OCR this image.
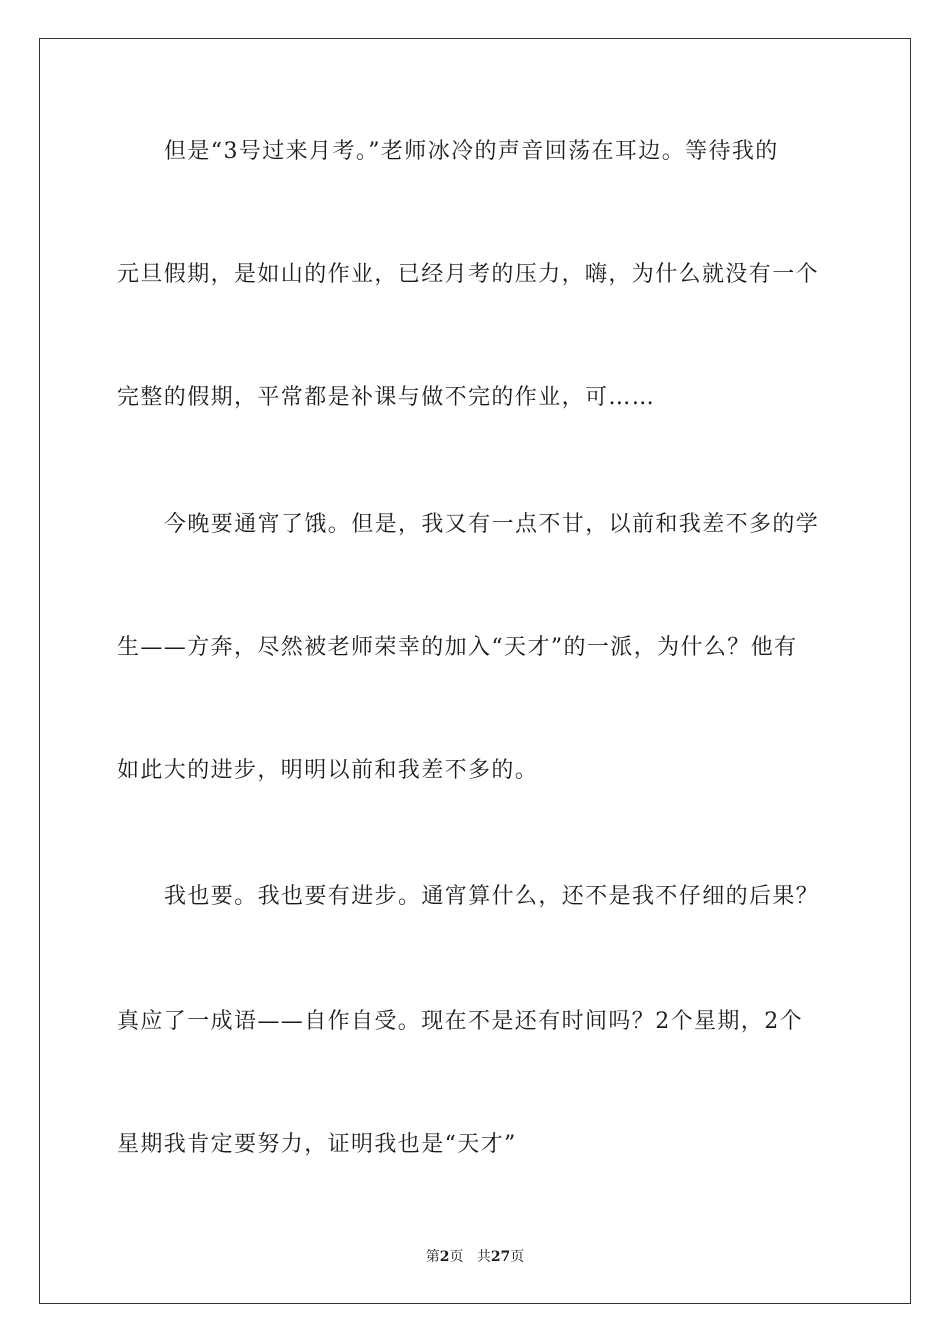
但是“3号过来月考。”老师冰冷的声音回荡在耳边。等待我的
元旦假期，是如山的作业，已经月考的压力，嗨，为什么就没有一个
完整的假期，平常都是补课与做不完的作业，可……
今晚要通宵了饿。但是，我又有一点不甘，以前和我差不多的学
生——方奔，尽然被老师荣幸的加入“天才”的一派，为什么？他有
如此大的进步，明明以前和我差不多的。
我也要。我也要有进步。通宵算什么，还不是我不仔细的后果？
真应了一成语——自作自受。现在不是还有时间吗？2个星期，2个
星期我肯定要努力，证明我也是“天才”
第2页 共27页
